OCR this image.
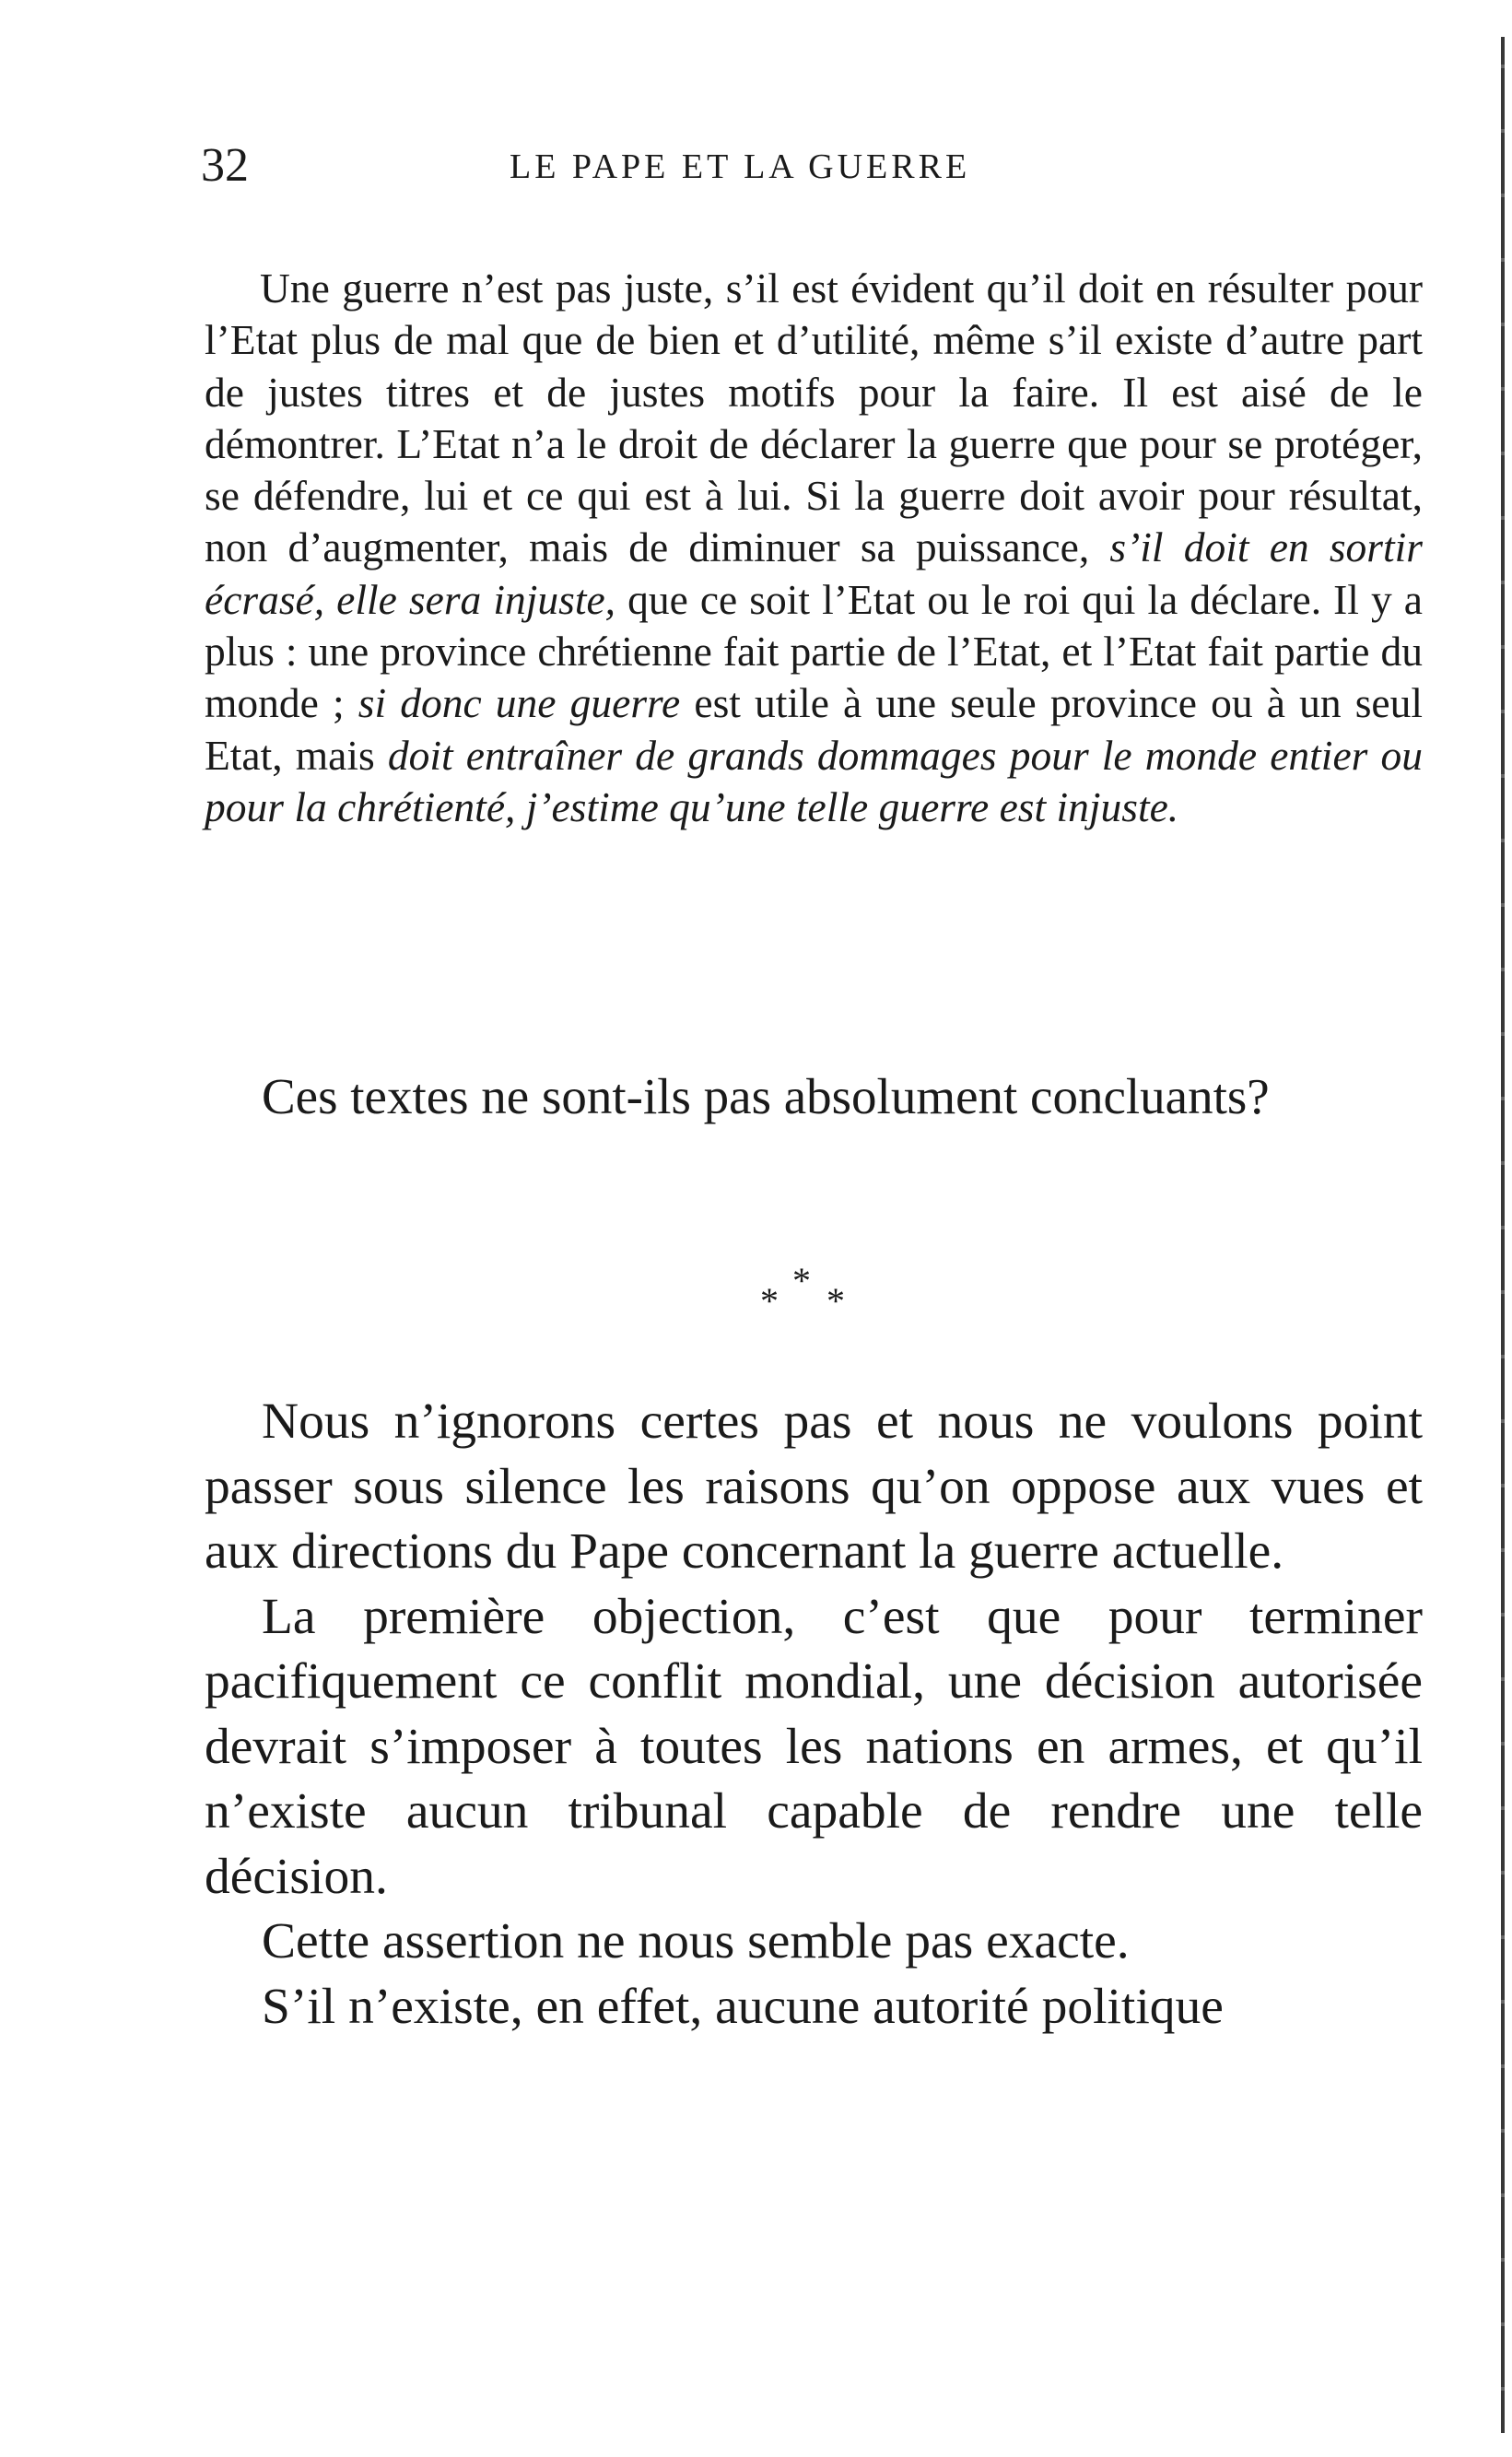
32	LE PAPE ET LA GUERRE

Une guerre n’est pas juste, s’il est évident qu’il doit en résulter pour l’Etat plus de mal que de bien et d’utilité, même s’il existe d’autre part de justes titres et de justes motifs pour la faire. Il est aisé de le démontrer. L’Etat n’a le droit de déclarer la guerre que pour se protéger, se défendre, lui et ce qui est à lui. Si la guerre doit avoir pour résultat, non d’augmenter, mais de diminuer sa puissance, s’il doit en sortir écrasé, elle sera injuste, que ce soit l’Etat ou le roi qui la déclare. Il y a plus : une province chrétienne fait partie de l’Etat, et l’Etat fait partie du monde ; si donc une guerre est utile à une seule province ou à un seul Etat, mais doit entraîner de grands dommages pour le monde entier ou pour la chrétienté, j’estime qu’une telle guerre est injuste.

Ces textes ne sont-ils pas absolument concluants?

* * *

Nous n’ignorons certes pas et nous ne voulons point passer sous silence les raisons qu’on oppose aux vues et aux directions du Pape concernant la guerre actuelle.

La première objection, c’est que pour terminer pacifiquement ce conflit mondial, une décision autorisée devrait s’imposer à toutes les nations en armes, et qu’il n’existe aucun tribunal capable de rendre une telle décision.

Cette assertion ne nous semble pas exacte.

S’il n’existe, en effet, aucune autorité politique
